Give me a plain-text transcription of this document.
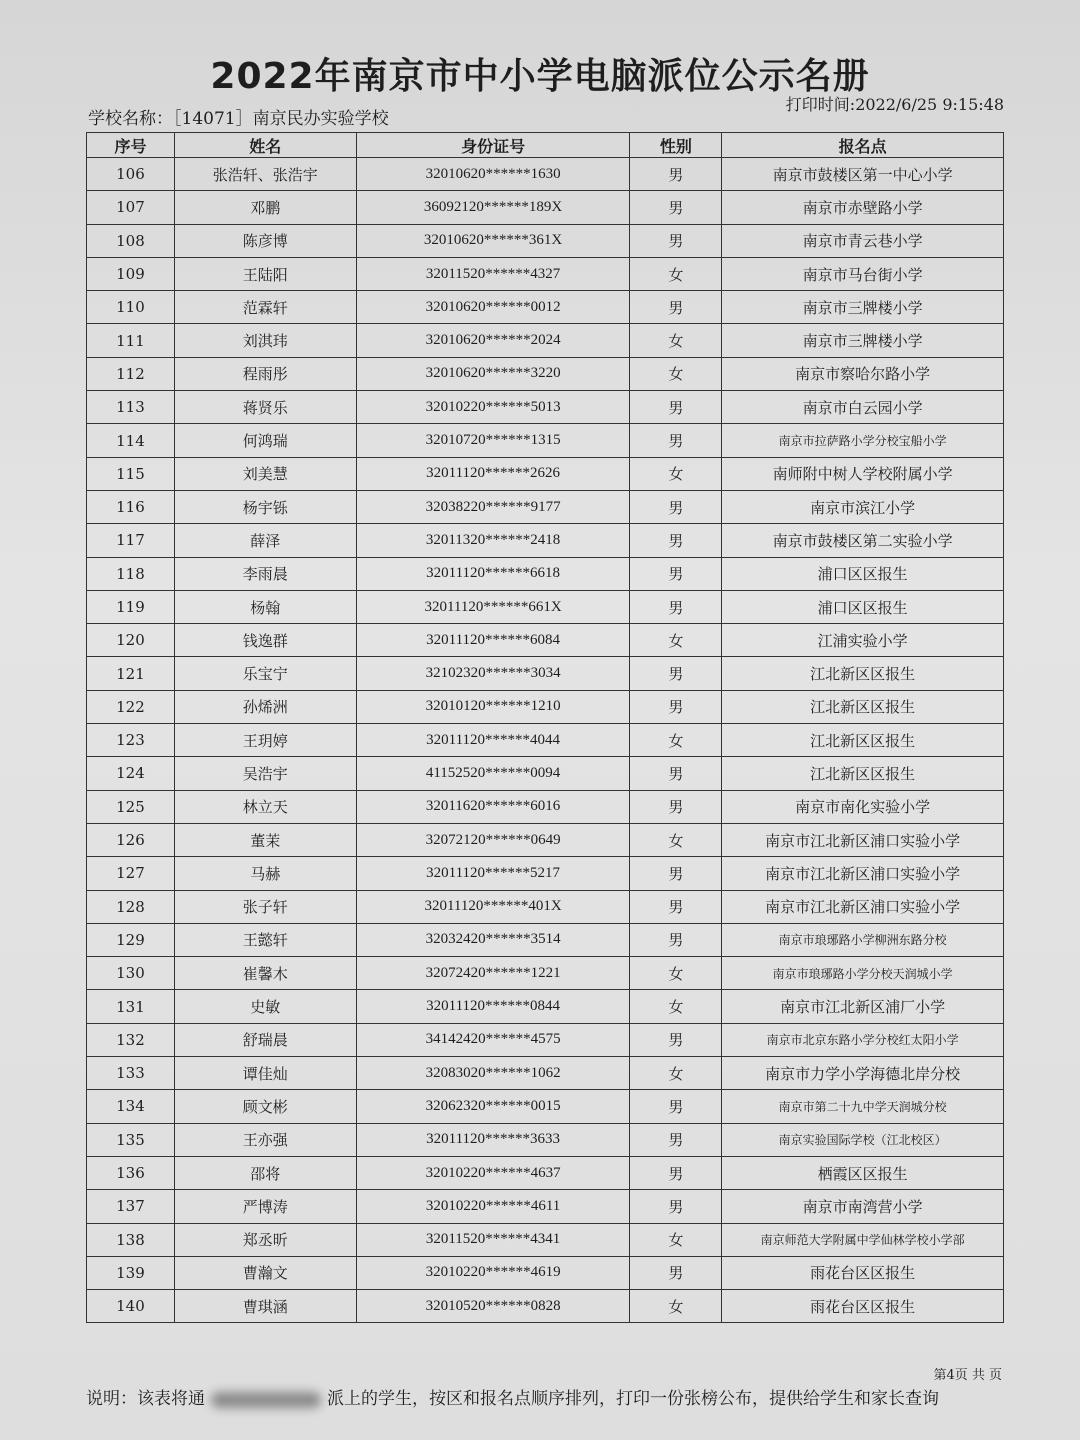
2022年南京市中小学电脑派位公示名册
学校名称：［14071］南京民办实验学校
打印时间:2022/6/25 9:15:48
序号	姓名	身份证号	性别	报名点
106	张浩轩、张浩宇	32010620******1630	男	南京市鼓楼区第一中心小学
107	邓鹏	36092120******189X	男	南京市赤壁路小学
108	陈彦博	32010620******361X	男	南京市青云巷小学
109	王陆阳	32011520******4327	女	南京市马台街小学
110	范霖轩	32010620******0012	男	南京市三牌楼小学
111	刘淇玮	32010620******2024	女	南京市三牌楼小学
112	程雨彤	32010620******3220	女	南京市察哈尔路小学
113	蒋贤乐	32010220******5013	男	南京市白云园小学
114	何鸿瑞	32010720******1315	男	南京市拉萨路小学分校宝船小学
115	刘美慧	32011120******2626	女	南师附中树人学校附属小学
116	杨宇铄	32038220******9177	男	南京市滨江小学
117	薛泽	32011320******2418	男	南京市鼓楼区第二实验小学
118	李雨晨	32011120******6618	男	浦口区区报生
119	杨翰	32011120******661X	男	浦口区区报生
120	钱逸群	32011120******6084	女	江浦实验小学
121	乐宝宁	32102320******3034	男	江北新区区报生
122	孙烯洲	32010120******1210	男	江北新区区报生
123	王玥婷	32011120******4044	女	江北新区区报生
124	吴浩宇	41152520******0094	男	江北新区区报生
125	林立天	32011620******6016	男	南京市南化实验小学
126	董茉	32072120******0649	女	南京市江北新区浦口实验小学
127	马赫	32011120******5217	男	南京市江北新区浦口实验小学
128	张子轩	32011120******401X	男	南京市江北新区浦口实验小学
129	王懿轩	32032420******3514	男	南京市琅琊路小学柳洲东路分校
130	崔馨木	32072420******1221	女	南京市琅琊路小学分校天润城小学
131	史敏	32011120******0844	女	南京市江北新区浦厂小学
132	舒瑞晨	34142420******4575	男	南京市北京东路小学分校红太阳小学
133	谭佳灿	32083020******1062	女	南京市力学小学海德北岸分校
134	顾文彬	32062320******0015	男	南京市第二十九中学天润城分校
135	王亦强	32011120******3633	男	南京实验国际学校（江北校区）
136	邵将	32010220******4637	男	栖霞区区报生
137	严博涛	32010220******4611	男	南京市南湾营小学
138	郑丞昕	32011520******4341	女	南京师范大学附属中学仙林学校小学部
139	曹瀚文	32010220******4619	男	雨花台区区报生
140	曹琪涵	32010520******0828	女	雨花台区区报生
第4页 共 页
说明：该表将通	派上的学生，按区和报名点顺序排列，打印一份张榜公布，提供给学生和家长查询
